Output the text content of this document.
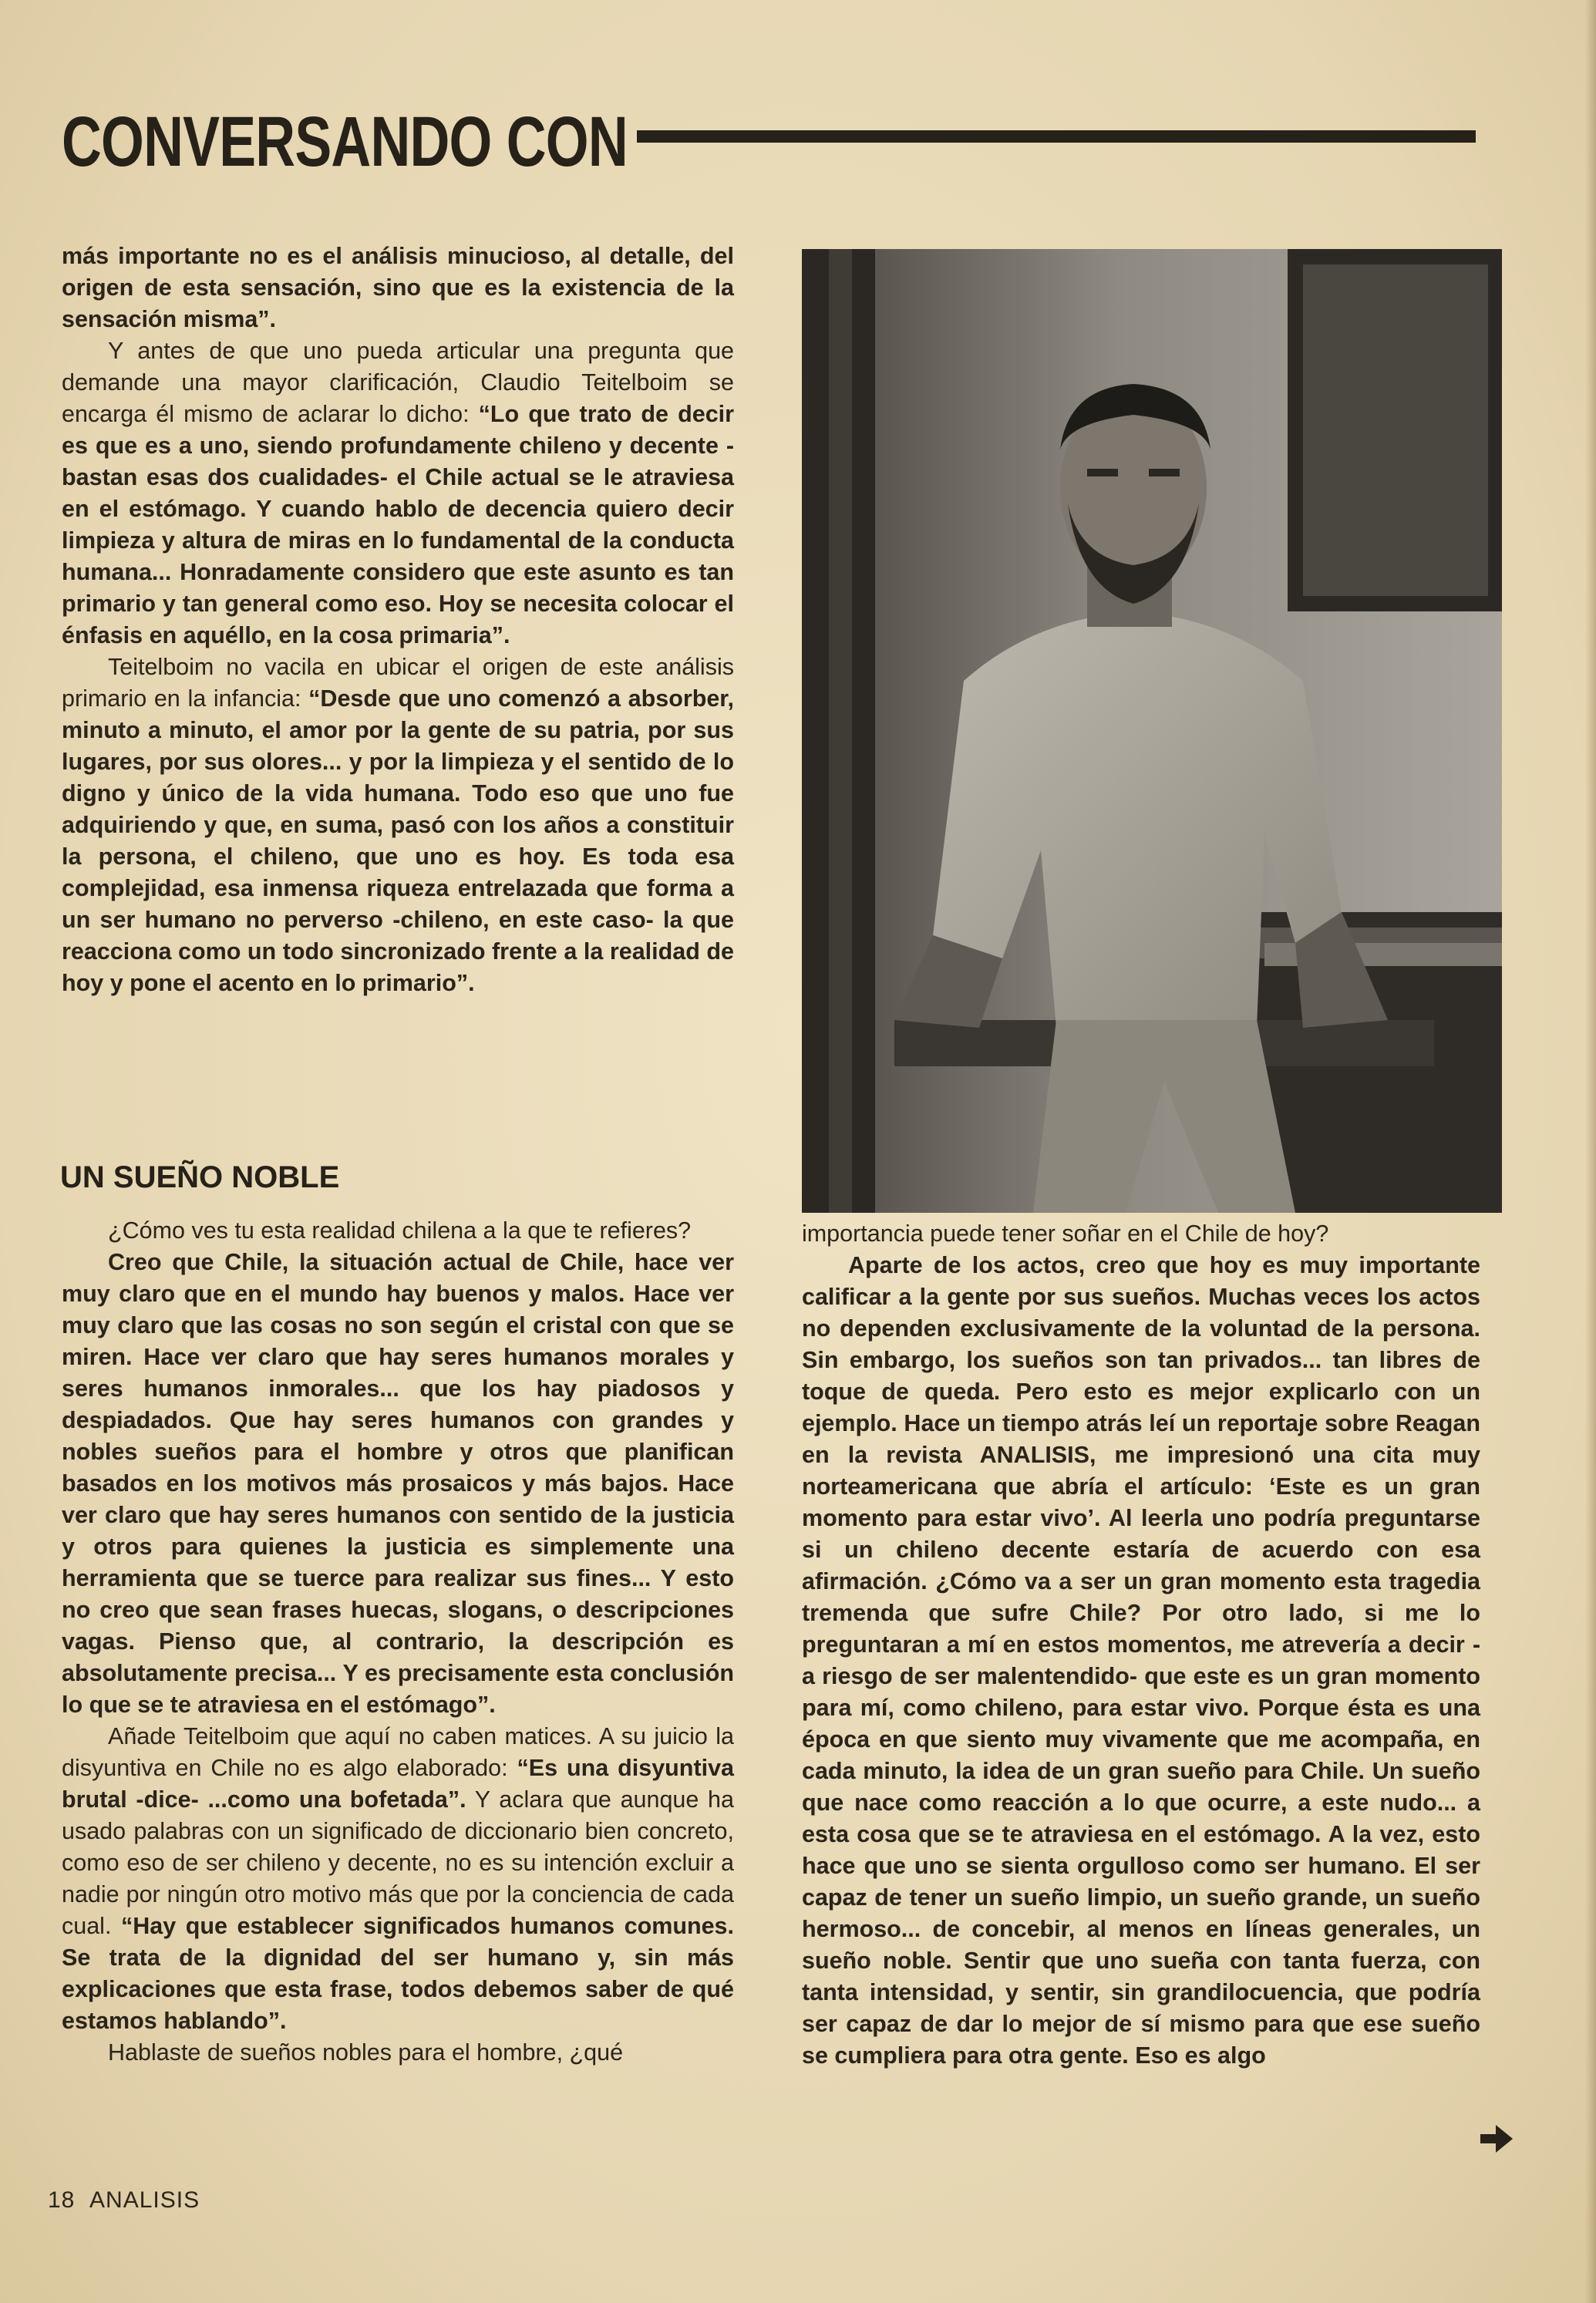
CONVERSANDO CON

más importante no es el análisis minucioso, al detalle, del origen de esta sensación, sino que es la existencia de la sensación misma”.

Y antes de que uno pueda articular una pregunta que demande una mayor clarificación, Claudio Teitelboim se encarga él mismo de aclarar lo dicho: “Lo que trato de decir es que es a uno, siendo profundamente chileno y decente -bastan esas dos cualidades- el Chile actual se le atraviesa en el estómago. Y cuando hablo de decencia quiero decir limpieza y altura de miras en lo fundamental de la conducta humana... Honradamente considero que este asunto es tan primario y tan general como eso. Hoy se necesita colocar el énfasis en aquéllo, en la cosa primaria”.

Teitelboim no vacila en ubicar el origen de este análisis primario en la infancia: “Desde que uno comenzó a absorber, minuto a minuto, el amor por la gente de su patria, por sus lugares, por sus olores... y por la limpieza y el sentido de lo digno y único de la vida humana. Todo eso que uno fue adquiriendo y que, en suma, pasó con los años a constituir la persona, el chileno, que uno es hoy. Es toda esa complejidad, esa inmensa riqueza entrelazada que forma a un ser humano no perverso -chileno, en este caso- la que reacciona como un todo sincronizado frente a la realidad de hoy y pone el acento en lo primario”.

UN SUEÑO NOBLE

¿Cómo ves tu esta realidad chilena a la que te refieres?

Creo que Chile, la situación actual de Chile, hace ver muy claro que en el mundo hay buenos y malos. Hace ver muy claro que las cosas no son según el cristal con que se miren. Hace ver claro que hay seres humanos morales y seres humanos inmorales... que los hay piadosos y despiadados. Que hay seres humanos con grandes y nobles sueños para el hombre y otros que planifican basados en los motivos más prosaicos y más bajos. Hace ver claro que hay seres humanos con sentido de la justicia y otros para quienes la justicia es simplemente una herramienta que se tuerce para realizar sus fines... Y esto no creo que sean frases huecas, slogans, o descripciones vagas. Pienso que, al contrario, la descripción es absolutamente precisa... Y es precisamente esta conclusión lo que se te atraviesa en el estómago”.

Añade Teitelboim que aquí no caben matices. A su juicio la disyuntiva en Chile no es algo elaborado: “Es una disyuntiva brutal -dice- ...como una bofetada”. Y aclara que aunque ha usado palabras con un significado de diccionario bien concreto, como eso de ser chileno y decente, no es su intención excluir a nadie por ningún otro motivo más que por la conciencia de cada cual. “Hay que establecer significados humanos comunes. Se trata de la dignidad del ser humano y, sin más explicaciones que esta frase, todos debemos saber de qué estamos hablando”.

Hablaste de sueños nobles para el hombre, ¿qué

importancia puede tener soñar en el Chile de hoy?

Aparte de los actos, creo que hoy es muy importante calificar a la gente por sus sueños. Muchas veces los actos no dependen exclusivamente de la voluntad de la persona. Sin embargo, los sueños son tan privados... tan libres de toque de queda. Pero esto es mejor explicarlo con un ejemplo. Hace un tiempo atrás leí un reportaje sobre Reagan en la revista ANALISIS, me impresionó una cita muy norteamericana que abría el artículo: ‘Este es un gran momento para estar vivo’. Al leerla uno podría preguntarse si un chileno decente estaría de acuerdo con esa afirmación. ¿Cómo va a ser un gran momento esta tragedia tremenda que sufre Chile? Por otro lado, si me lo preguntaran a mí en estos momentos, me atrevería a decir -a riesgo de ser malentendido- que este es un gran momento para mí, como chileno, para estar vivo. Porque ésta es una época en que siento muy vivamente que me acompaña, en cada minuto, la idea de un gran sueño para Chile. Un sueño que nace como reacción a lo que ocurre, a este nudo... a esta cosa que se te atraviesa en el estómago. A la vez, esto hace que uno se sienta orgulloso como ser humano. El ser capaz de tener un sueño limpio, un sueño grande, un sueño hermoso... de concebir, al menos en líneas generales, un sueño noble. Sentir que uno sueña con tanta fuerza, con tanta intensidad, y sentir, sin grandilocuencia, que podría ser capaz de dar lo mejor de sí mismo para que ese sueño se cumpliera para otra gente. Eso es algo

18 ANALISIS
